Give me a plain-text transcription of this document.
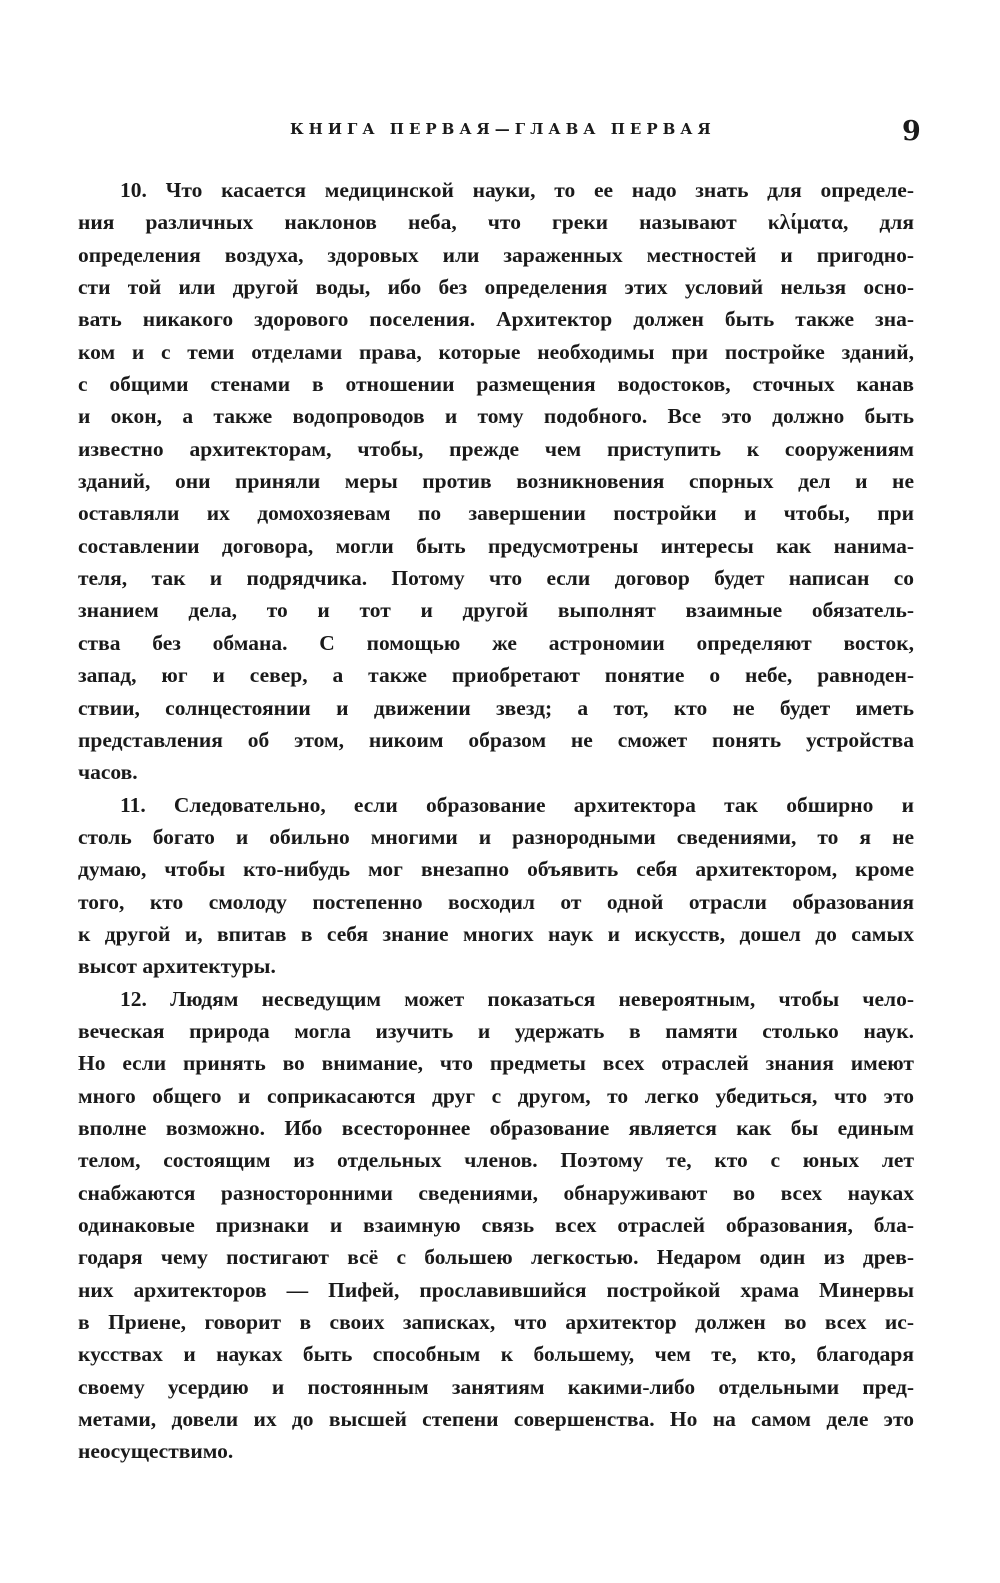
КНИГА ПЕРВАЯ—ГЛАВА ПЕРВАЯ	9
10. Что касается медицинской науки, то ее надо знать для определе-
ния различных наклонов неба, что греки называют κλίματα, для
определения воздуха, здоровых или зараженных местностей и пригодно-
сти той или другой воды, ибо без определения этих условий нельзя осно-
вать никакого здорового поселения. Архитектор должен быть также зна-
ком и с теми отделами права, которые необходимы при постройке зданий,
с общими стенами в отношении размещения водостоков, сточных канав
и окон, а также водопроводов и тому подобного. Все это должно быть
известно архитекторам, чтобы, прежде чем приступить к сооружениям
зданий, они приняли меры против возникновения спорных дел и не
оставляли их домохозяевам по завершении постройки и чтобы, при
составлении договора, могли быть предусмотрены интересы как нанима-
теля, так и подрядчика. Потому что если договор будет написан со
знанием дела, то и тот и другой выполнят взаимные обязатель-
ства без обмана. С помощью же астрономии определяют восток,
запад, юг и север, а также приобретают понятие о небе, равноден-
ствии, солнцестоянии и движении звезд; а тот, кто не будет иметь
представления об этом, никоим образом не сможет понять устройства
часов.
11. Следовательно, если образование архитектора так обширно и
столь богато и обильно многими и разнородными сведениями, то я не
думаю, чтобы кто-нибудь мог внезапно объявить себя архитектором, кроме
того, кто смолоду постепенно восходил от одной отрасли образования
к другой и, впитав в себя знание многих наук и искусств, дошел до самых
высот архитектуры.
12. Людям несведущим может показаться невероятным, чтобы чело-
веческая природа могла изучить и удержать в памяти столько наук.
Но если принять во внимание, что предметы всех отраслей знания имеют
много общего и соприкасаются друг с другом, то легко убедиться, что это
вполне возможно. Ибо всестороннее образование является как бы единым
телом, состоящим из отдельных членов. Поэтому те, кто с юных лет
снабжаются разносторонними сведениями, обнаруживают во всех науках
одинаковые признаки и взаимную связь всех отраслей образования, бла-
годаря чему постигают всё с большею легкостью. Недаром один из древ-
них архитекторов — Пифей, прославившийся постройкой храма Минервы
в Приене, говорит в своих записках, что архитектор должен во всех ис-
кусствах и науках быть способным к большему, чем те, кто, благодаря
своему усердию и постоянным занятиям какими-либо отдельными пред-
метами, довели их до высшей степени совершенства. Но на самом деле это
неосуществимо.
